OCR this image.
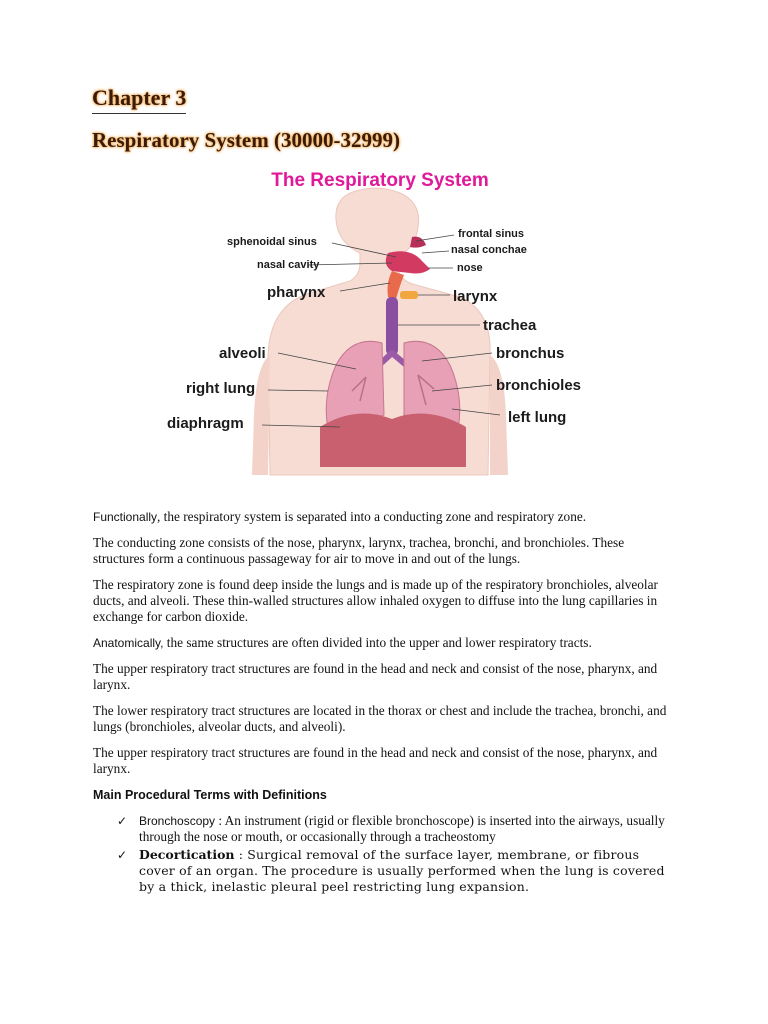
Chapter 3
Respiratory System (30000-32999)
The Respiratory System
sphenoidal sinus
frontal sinus
nasal conchae
nasal cavity	nose
pharynx	larynx
trachea
alveoli	bronchus
right lung	bronchioles
diaphragm	left lung

Functionally, the respiratory system is separated into a conducting zone and respiratory zone.

The conducting zone consists of the nose, pharynx, larynx, trachea, bronchi, and bronchioles. These structures form a continuous passageway for air to move in and out of the lungs.

The respiratory zone is found deep inside the lungs and is made up of the respiratory bronchioles, alveolar ducts, and alveoli. These thin-walled structures allow inhaled oxygen to diffuse into the lung capillaries in exchange for carbon dioxide.

Anatomically, the same structures are often divided into the upper and lower respiratory tracts.

The upper respiratory tract structures are found in the head and neck and consist of the nose, pharynx, and larynx.

The lower respiratory tract structures are located in the thorax or chest and include the trachea, bronchi, and lungs (bronchioles, alveolar ducts, and alveoli).

The upper respiratory tract structures are found in the head and neck and consist of the nose, pharynx, and larynx.

Main Procedural Terms with Definitions
✓ Bronchoscopy : An instrument (rigid or flexible bronchoscope) is inserted into the airways, usually through the nose or mouth, or occasionally through a tracheostomy
✓ Decortication : Surgical removal of the surface layer, membrane, or fibrous cover of an organ. The procedure is usually performed when the lung is covered by a thick, inelastic pleural peel restricting lung expansion.
